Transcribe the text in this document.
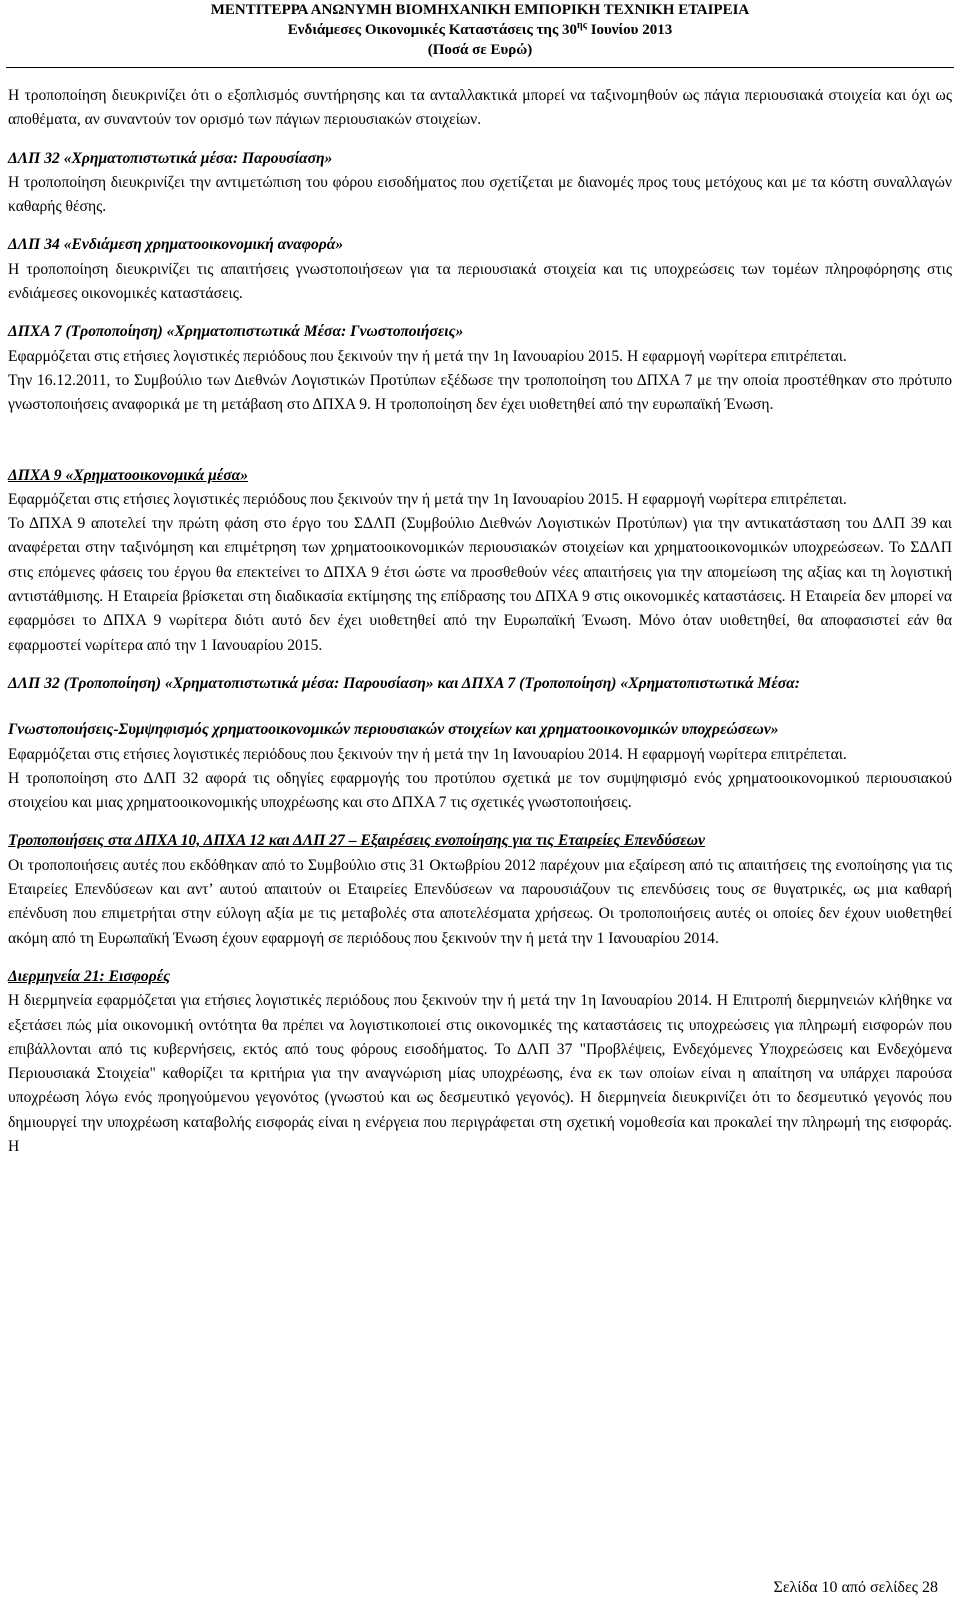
ΜΕΝΤΙΤΕΡΡΑ ΑΝΩΝΥΜΗ ΒΙΟΜΗΧΑΝΙΚΗ ΕΜΠΟΡΙΚΗ ΤΕΧΝΙΚΗ ΕΤΑΙΡΕΙΑ
Ενδιάμεσες Οικονομικές Καταστάσεις της $30^{\eta\varsigma}$ Ιουνίου 2013
(Ποσά σε Ευρώ)

Η τροποποίηση διευκρινίζει ότι ο εξοπλισμός συντήρησης και τα ανταλλακτικά μπορεί να ταξινομηθούν ως πάγια περιουσιακά στοιχεία και όχι ως αποθέματα, αν συναντούν τον ορισμό των πάγιων περιουσιακών στοιχείων.

ΔΛΠ 32 «Χρηματοπιστωτικά μέσα: Παρουσίαση»

Η τροποποίηση διευκρινίζει την αντιμετώπιση του φόρου εισοδήματος που σχετίζεται με διανομές προς τους μετόχους και με τα κόστη συναλλαγών καθαρής θέσης.

ΔΛΠ 34 «Ενδιάμεση χρηματοοικονομική αναφορά»

Η τροποποίηση διευκρινίζει τις απαιτήσεις γνωστοποιήσεων για τα περιουσιακά στοιχεία και τις υποχρεώσεις των τομέων πληροφόρησης στις ενδιάμεσες οικονομικές καταστάσεις.

ΔΠΧΑ 7 (Τροποποίηση) «Χρηματοπιστωτικά Μέσα: Γνωστοποιήσεις»

Εφαρμόζεται στις ετήσιες λογιστικές περιόδους που ξεκινούν την ή μετά την 1η Ιανουαρίου 2015. Η εφαρμογή νωρίτερα επιτρέπεται.

Την 16.12.2011, το Συμβούλιο των Διεθνών Λογιστικών Προτύπων εξέδωσε την τροποποίηση του ΔΠΧΑ 7 με την οποία προστέθηκαν στο πρότυπο γνωστοποιήσεις αναφορικά με τη μετάβαση στο ΔΠΧΑ 9. Η τροποποίηση δεν έχει υιοθετηθεί από την ευρωπαϊκή Ένωση.

ΔΠΧΑ 9 «Χρηματοοικονομικά μέσα»

Εφαρμόζεται στις ετήσιες λογιστικές περιόδους που ξεκινούν την ή μετά την 1η Ιανουαρίου 2015. Η εφαρμογή νωρίτερα επιτρέπεται.

Το ΔΠΧΑ 9 αποτελεί την πρώτη φάση στο έργο του ΣΔΛΠ (Συμβούλιο Διεθνών Λογιστικών Προτύπων) για την αντικατάσταση του ΔΛΠ 39 και αναφέρεται στην ταξινόμηση και επιμέτρηση των χρηματοοικονομικών περιουσιακών στοιχείων και χρηματοοικονομικών υποχρεώσεων. Το ΣΔΛΠ στις επόμενες φάσεις του έργου θα επεκτείνει το ΔΠΧΑ 9 έτσι ώστε να προσθεθούν νέες απαιτήσεις για την απομείωση της αξίας και τη λογιστική αντιστάθμισης. Η Εταιρεία βρίσκεται στη διαδικασία εκτίμησης της επίδρασης του ΔΠΧΑ 9 στις οικονομικές καταστάσεις. Η Εταιρεία δεν μπορεί να εφαρμόσει το ΔΠΧΑ 9 νωρίτερα διότι αυτό δεν έχει υιοθετηθεί από την Ευρωπαϊκή Ένωση. Μόνο όταν υιοθετηθεί, θα αποφασιστεί εάν θα εφαρμοστεί νωρίτερα από την 1 Ιανουαρίου 2015.

ΔΛΠ 32 (Τροποποίηση) «Χρηματοπιστωτικά μέσα: Παρουσίαση» και ΔΠΧΑ 7 (Τροποποίηση) «Χρηματοπιστωτικά Μέσα:

Γνωστοποιήσεις-Συμψηφισμός χρηματοοικονομικών περιουσιακών στοιχείων και χρηματοοικονομικών υποχρεώσεων»

Εφαρμόζεται στις ετήσιες λογιστικές περιόδους που ξεκινούν την ή μετά την 1η Ιανουαρίου 2014. Η εφαρμογή νωρίτερα επιτρέπεται.

Η τροποποίηση στο ΔΛΠ 32 αφορά τις οδηγίες εφαρμογής του προτύπου σχετικά με τον συμψηφισμό ενός χρηματοοικονομικού περιουσιακού στοιχείου και μιας χρηματοοικονομικής υποχρέωσης και στο ΔΠΧΑ 7 τις σχετικές γνωστοποιήσεις.

Τροποποιήσεις στα ΔΠΧΑ 10, ΔΠΧΑ 12 και ΔΛΠ 27 – Εξαιρέσεις ενοποίησης για τις Εταιρείες Επενδύσεων

Οι τροποποιήσεις αυτές που εκδόθηκαν από το Συμβούλιο στις 31 Οκτωβρίου 2012 παρέχουν μια εξαίρεση από τις απαιτήσεις της ενοποίησης για τις Εταιρείες Επενδύσεων και αντ’ αυτού απαιτούν οι Εταιρείες Επενδύσεων να παρουσιάζουν τις επενδύσεις τους σε θυγατρικές, ως μια καθαρή επένδυση που επιμετρήται στην εύλογη αξία με τις μεταβολές στα αποτελέσματα χρήσεως. Οι τροποποιήσεις αυτές οι οποίες δεν έχουν υιοθετηθεί ακόμη από τη Ευρωπαϊκή Ένωση έχουν εφαρμογή σε περιόδους που ξεκινούν την ή μετά την 1 Ιανουαρίου 2014.

Διερμηνεία 21: Εισφορές

Η διερμηνεία εφαρμόζεται για ετήσιες λογιστικές περιόδους που ξεκινούν την ή μετά την 1η Ιανουαρίου 2014. Η Επιτροπή διερμηνειών κλήθηκε να εξετάσει πώς μία οικονομική οντότητα θα πρέπει να λογιστικοποιεί στις οικονομικές της καταστάσεις τις υποχρεώσεις για πληρωμή εισφορών που επιβάλλονται από τις κυβερνήσεις, εκτός από τους φόρους εισοδήματος. Το ΔΛΠ 37 "Προβλέψεις, Ενδεχόμενες Υποχρεώσεις και Ενδεχόμενα Περιουσιακά Στοιχεία" καθορίζει τα κριτήρια για την αναγνώριση μίας υποχρέωσης, ένα εκ των οποίων είναι η απαίτηση να υπάρχει παρούσα υποχρέωση λόγω ενός προηγούμενου γεγονότος (γνωστού και ως δεσμευτικό γεγονός). Η διερμηνεία διευκρινίζει ότι το δεσμευτικό γεγονός που δημιουργεί την υποχρέωση καταβολής εισφοράς είναι η ενέργεια που περιγράφεται στη σχετική νομοθεσία και προκαλεί την πληρωμή της εισφοράς. Η

Σελίδα 10 από σελίδες 28
